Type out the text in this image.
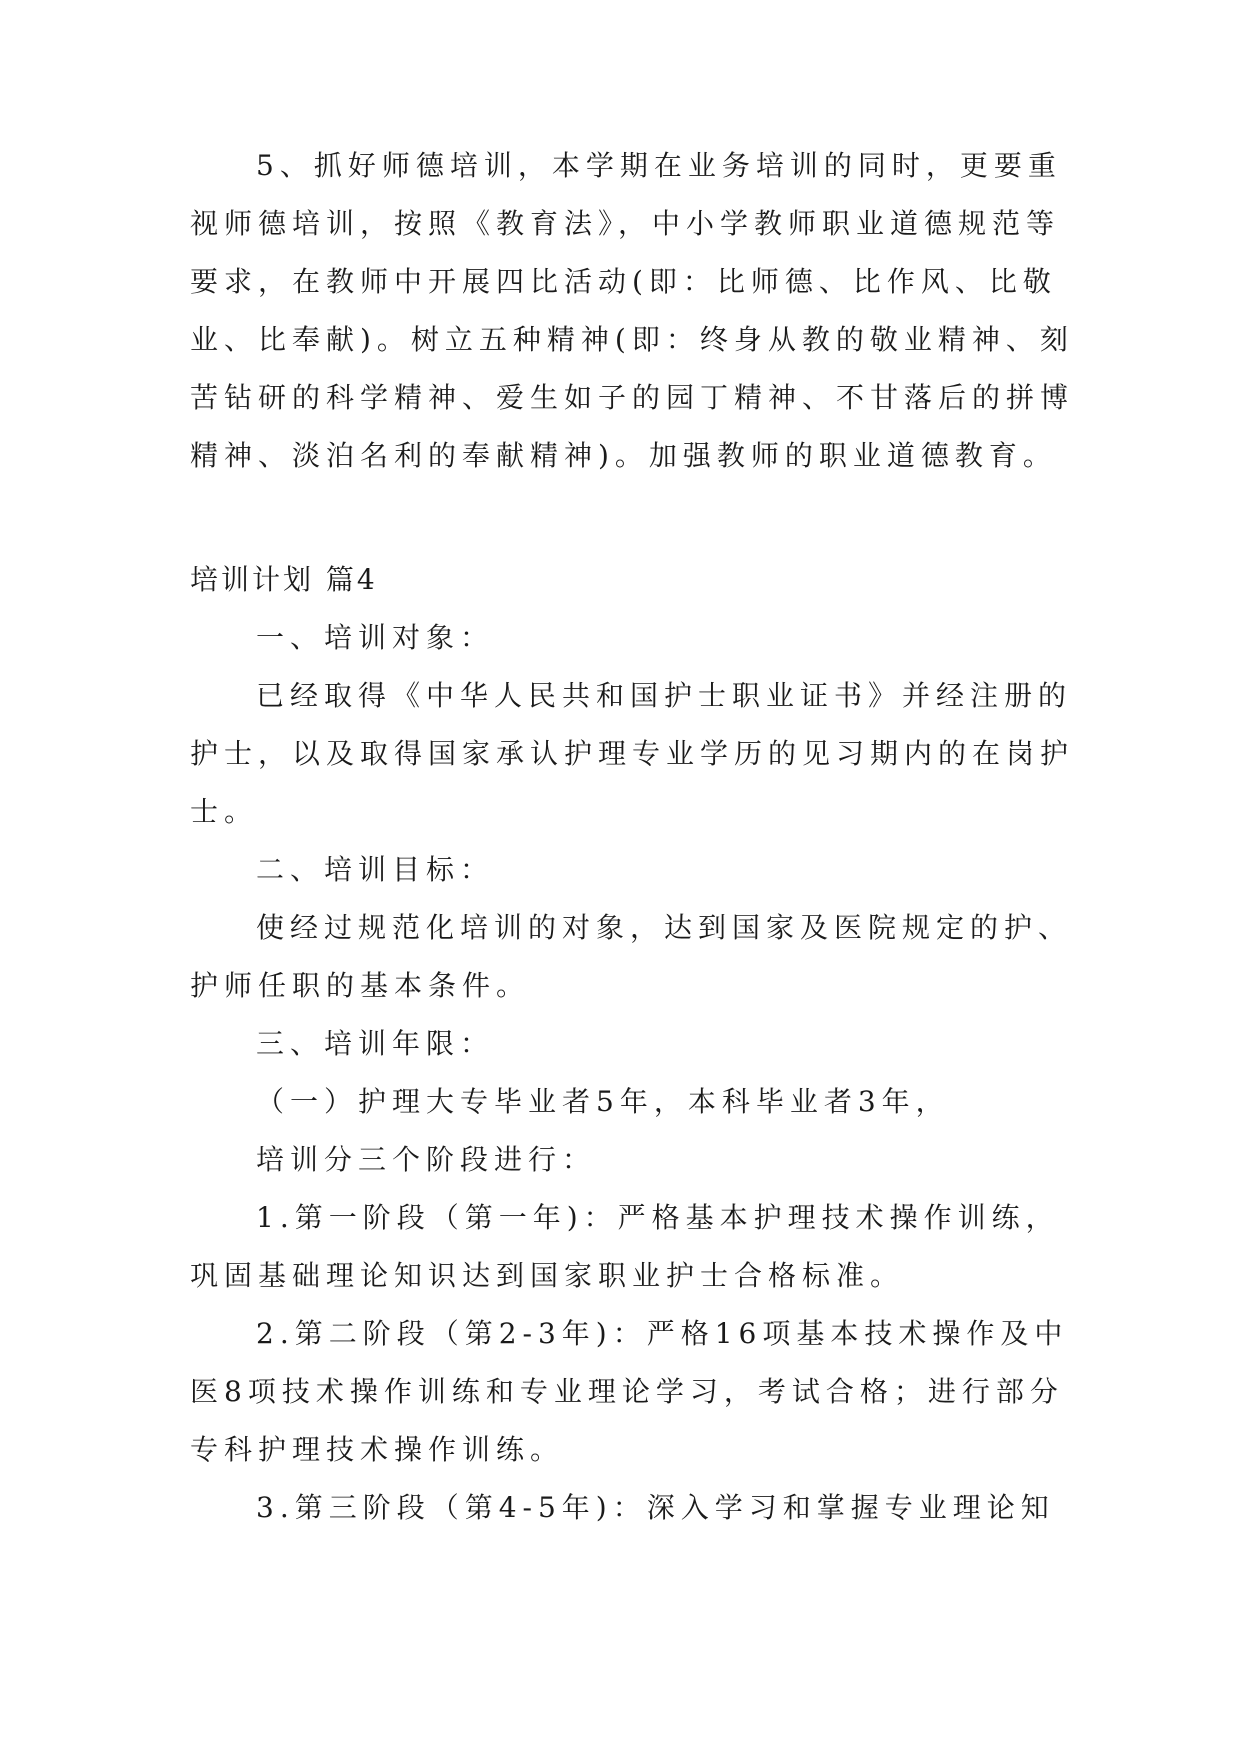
5、抓好师德培训，本学期在业务培训的同时，更要重
视师德培训，按照《教育法》，中小学教师职业道德规范等
要求，在教师中开展四比活动(即：比师德、比作风、比敬
业、比奉献)。树立五种精神(即：终身从教的敬业精神、刻
苦钻研的科学精神、爱生如子的园丁精神、不甘落后的拼博
精神、淡泊名利的奉献精神)。加强教师的职业道德教育。
培训计划 篇4
一、培训对象：
已经取得《中华人民共和国护士职业证书》并经注册的
护士，以及取得国家承认护理专业学历的见习期内的在岗护
士。
二、培训目标：
使经过规范化培训的对象，达到国家及医院规定的护、
护师任职的基本条件。
三、培训年限：
（一）护理大专毕业者5年，本科毕业者3年，
培训分三个阶段进行：
1.第一阶段（第一年)：严格基本护理技术操作训练，
巩固基础理论知识达到国家职业护士合格标准。
2.第二阶段（第2-3年)：严格16项基本技术操作及中
医8项技术操作训练和专业理论学习，考试合格；进行部分
专科护理技术操作训练。
3.第三阶段（第4-5年)：深入学习和掌握专业理论知
